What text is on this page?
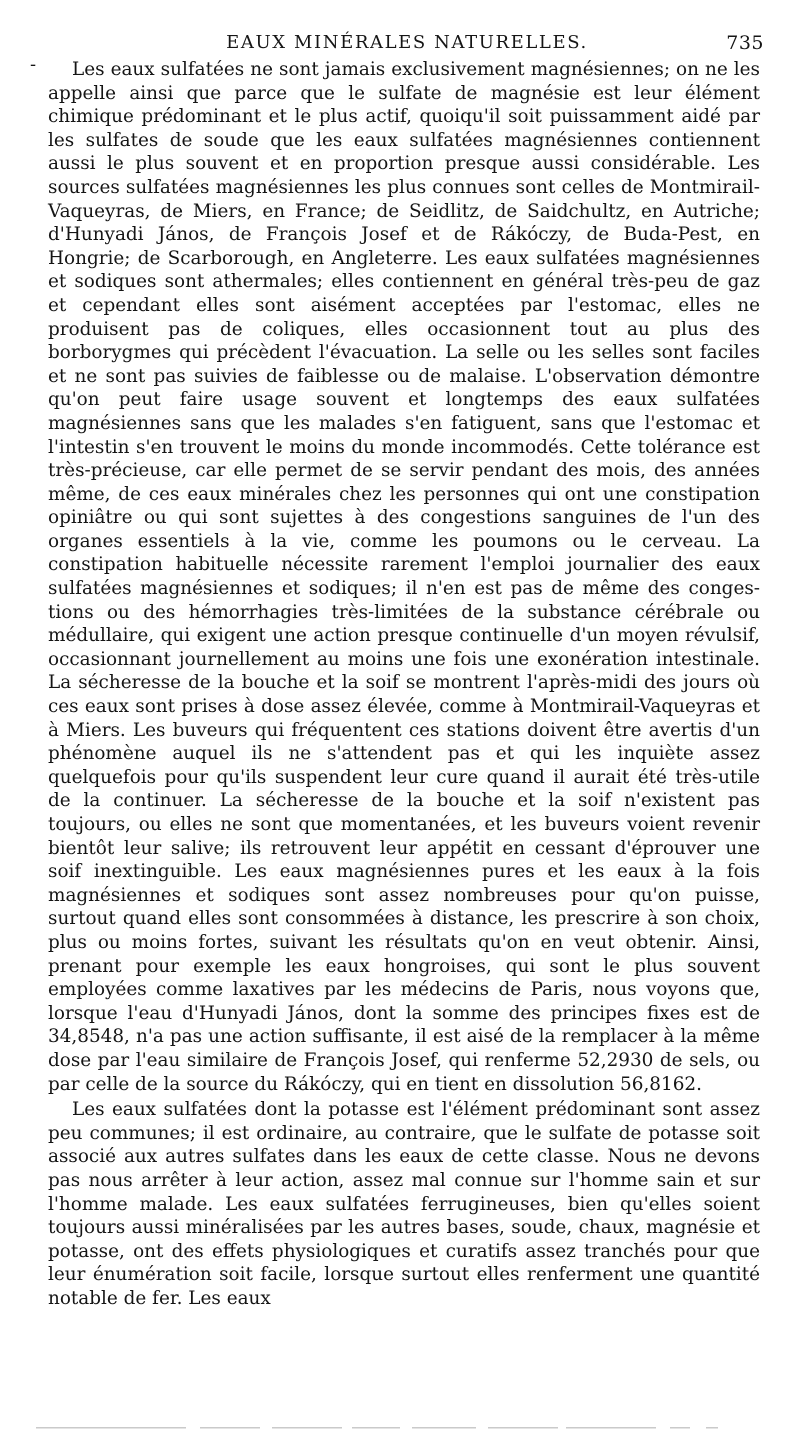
EAUX MINÉRALES NATURELLES.	735

Les eaux sulfatées ne sont jamais exclusivement magnésiennes; on ne les appelle ainsi que parce que le sulfate de magnésie est leur élément chimique prédominant et le plus actif, quoiqu'il soit puissamment aidé par les sulfates de soude que les eaux sulfatées magnésiennes contiennent aussi le plus souvent et en proportion presque aussi considérable. Les sources sulfatées magnésiennes les plus connues sont celles de Montmirail-Vaqueyras, de Miers, en France; de Seidlitz, de Saidchultz, en Autriche; d'Hunyadi János, de François Josef et de Rákóczy, de Buda-Pest, en Hongrie; de Scarborough, en Angleterre. Les eaux sulfatées magnésiennes et sodiques sont athermales; elles contiennent en général très-peu de gaz et cependant elles sont aisément acceptées par l'estomac, elles ne produisent pas de coliques, elles occasionnent tout au plus des borborygmes qui précèdent l'évacuation. La selle ou les selles sont faciles et ne sont pas suivies de faiblesse ou de malaise. L'observation démontre qu'on peut faire usage souvent et longtemps des eaux sulfatées magnésiennes sans que les malades s'en fatiguent, sans que l'estomac et l'intestin s'en trouvent le moins du monde incommodés. Cette tolérance est très-précieuse, car elle permet de se servir pendant des mois, des années même, de ces eaux minérales chez les personnes qui ont une constipation opiniâtre ou qui sont sujettes à des congestions sanguines de l'un des organes essentiels à la vie, comme les poumons ou le cerveau. La constipation habituelle nécessite rarement l'emploi journalier des eaux sulfatées magnésiennes et sodiques; il n'en est pas de même des congestions ou des hémorrhagies très-limitées de la substance cérébrale ou médullaire, qui exigent une action presque continuelle d'un moyen révulsif, occasionnant journellement au moins une fois une exonération intestinale. La sécheresse de la bouche et la soif se montrent l'après-midi des jours où ces eaux sont prises à dose assez élevée, comme à Montmirail-Vaqueyras et à Miers. Les buveurs qui fréquentent ces stations doivent être avertis d'un phénomène auquel ils ne s'attendent pas et qui les inquiète assez quelquefois pour qu'ils suspendent leur cure quand il aurait été très-utile de la continuer. La sécheresse de la bouche et la soif n'existent pas toujours, ou elles ne sont que momentanées, et les buveurs voient revenir bientôt leur salive; ils retrouvent leur appétit en cessant d'éprouver une soif inextinguible. Les eaux magnésiennes pures et les eaux à la fois magnésiennes et sodiques sont assez nombreuses pour qu'on puisse, surtout quand elles sont consommées à distance, les prescrire à son choix, plus ou moins fortes, suivant les résultats qu'on en veut obtenir. Ainsi, prenant pour exemple les eaux hongroises, qui sont le plus souvent employées comme laxatives par les médecins de Paris, nous voyons que, lorsque l'eau d'Hunyadi János, dont la somme des principes fixes est de 34,8548, n'a pas une action suffisante, il est aisé de la remplacer à la même dose par l'eau similaire de François Josef, qui renferme 52,2930 de sels, ou par celle de la source du Rákóczy, qui en tient en dissolution 56,8162.

Les eaux sulfatées dont la potasse est l'élément prédominant sont assez peu communes; il est ordinaire, au contraire, que le sulfate de potasse soit associé aux autres sulfates dans les eaux de cette classe. Nous ne devons pas nous arrêter à leur action, assez mal connue sur l'homme sain et sur l'homme malade. Les eaux sulfatées ferrugineuses, bien qu'elles soient toujours aussi minéralisées par les autres bases, soude, chaux, magnésie et potasse, ont des effets physiologiques et curatifs assez tranchés pour que leur énumération soit facile, lorsque surtout elles renferment une quantité notable de fer. Les eaux

-
